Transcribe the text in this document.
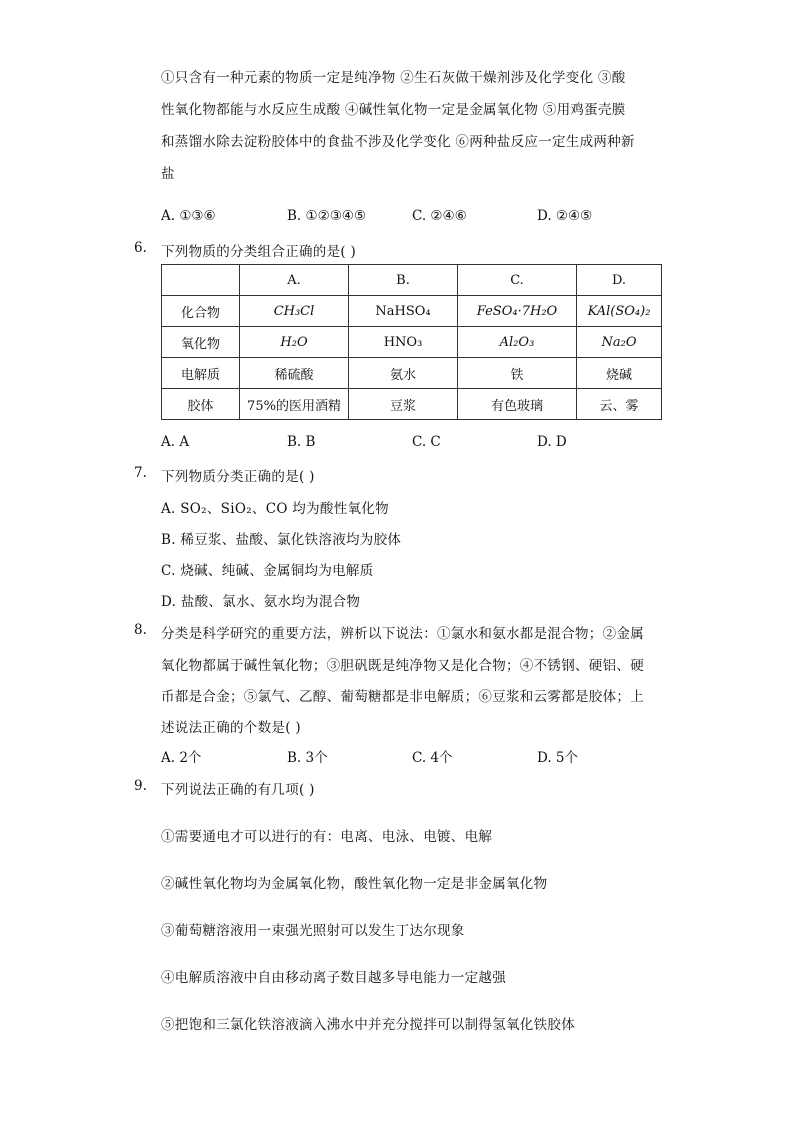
①只含有一种元素的物质一定是纯净物 ②生石灰做干燥剂涉及化学变化 ③酸
性氧化物都能与水反应生成酸 ④碱性氧化物一定是金属氧化物 ⑤用鸡蛋壳膜
和蒸馏水除去淀粉胶体中的食盐不涉及化学变化 ⑥两种盐反应一定生成两种新
盐
A. ①③⑥	B. ①②③④⑤	C. ②④⑥	D. ②④⑤
6. 下列物质的分类组合正确的是( )
	A.	B.	C.	D.
化合物	CH₃Cl	NaHSO₄	FeSO₄·7H₂O	KAl(SO₄)₂
氧化物	H₂O	HNO₃	Al₂O₃	Na₂O
电解质	稀硫酸	氨水	铁	烧碱
胶体	75%的医用酒精	豆浆	有色玻璃	云、雾
A. A	B. B	C. C	D. D
7. 下列物质分类正确的是( )
A. SO₂、SiO₂、CO 均为酸性氧化物
B. 稀豆浆、盐酸、氯化铁溶液均为胶体
C. 烧碱、纯碱、金属铜均为电解质
D. 盐酸、氯水、氨水均为混合物
8. 分类是科学研究的重要方法，辨析以下说法：①氯水和氨水都是混合物；②金属
氧化物都属于碱性氧化物；③胆矾既是纯净物又是化合物；④不锈钢、硬铝、硬
币都是合金；⑤氯气、乙醇、葡萄糖都是非电解质；⑥豆浆和云雾都是胶体；上
述说法正确的个数是( )
A. 2个	B. 3个	C. 4个	D. 5个
9. 下列说法正确的有几项( )
①需要通电才可以进行的有：电离、电泳、电镀、电解
②碱性氧化物均为金属氧化物，酸性氧化物一定是非金属氧化物
③葡萄糖溶液用一束强光照射可以发生丁达尔现象
④电解质溶液中自由移动离子数目越多导电能力一定越强
⑤把饱和三氯化铁溶液滴入沸水中并充分搅拌可以制得氢氧化铁胶体
